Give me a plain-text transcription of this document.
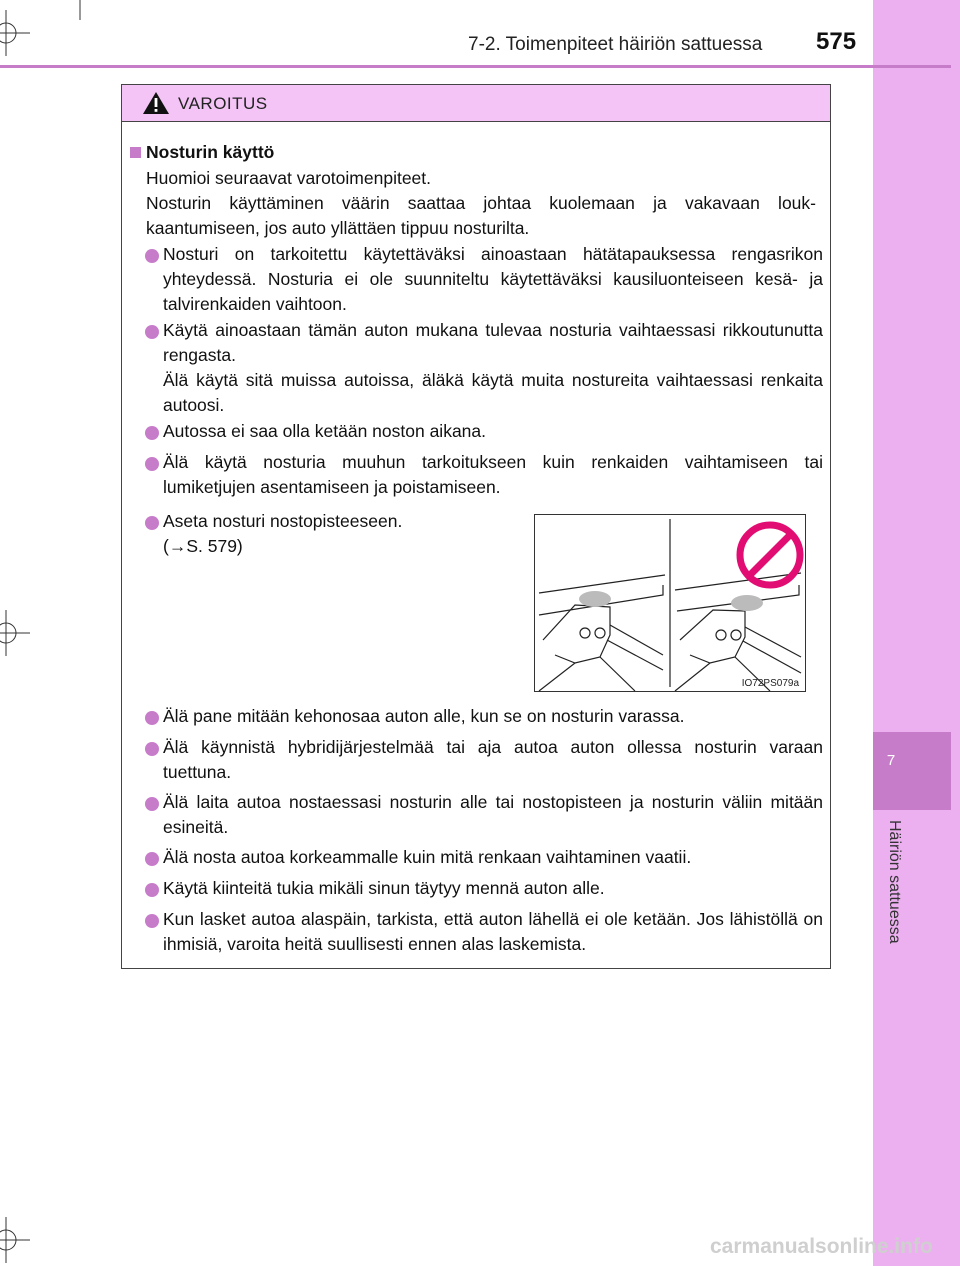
7
Häiriön sattuessa
7-2. Toimenpiteet häiriön sattuessa 575
VAROITUS
Nosturin käyttö
Huomioi seuraavat varotoimenpiteet.
Nosturin käyttäminen väärin saattaa johtaa kuolemaan ja vakavaan louk-kaantumiseen, jos auto yllättäen tippuu nosturilta.
Nosturi on tarkoitettu käytettäväksi ainoastaan hätätapauksessa rengasrikon yhteydessä. Nosturia ei ole suunniteltu käytettäväksi kausiluonteiseen kesä- ja talvirenkaiden vaihtoon.
Käytä ainoastaan tämän auton mukana tulevaa nosturia vaihtaessasi rikkoutunutta rengasta.
Älä käytä sitä muissa autoissa, äläkä käytä muita nostureita vaihtaessasi renkaita autoosi.
Autossa ei saa olla ketään noston aikana.
Älä käytä nosturia muuhun tarkoitukseen kuin renkaiden vaihtamiseen tai lumiketjujen asentamiseen ja poistamiseen.
Aseta nosturi nostopisteeseen.
(→S. 579)
IO72PS079a
Älä pane mitään kehonosaa auton alle, kun se on nosturin varassa.
Älä käynnistä hybridijärjestelmää tai aja autoa auton ollessa nosturin varaan tuettuna.
Älä laita autoa nostaessasi nosturin alle tai nostopisteen ja nosturin väliin mitään esineitä.
Älä nosta autoa korkeammalle kuin mitä renkaan vaihtaminen vaatii.
Käytä kiinteitä tukia mikäli sinun täytyy mennä auton alle.
Kun lasket autoa alaspäin, tarkista, että auton lähellä ei ole ketään. Jos lähistöllä on ihmisiä, varoita heitä suullisesti ennen alas laskemista.
carmanualsonline.info
